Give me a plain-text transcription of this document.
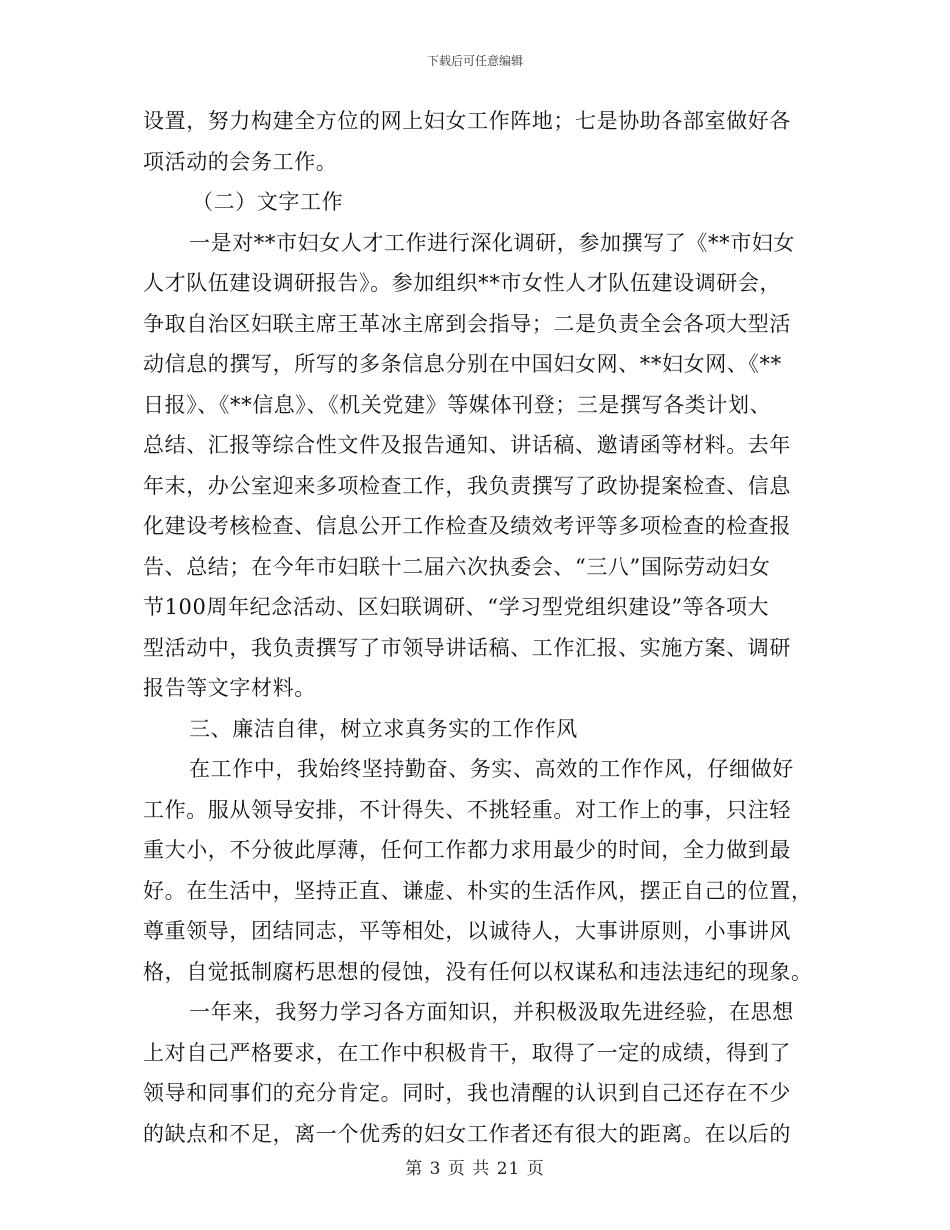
下载后可任意编辑
设置，努力构建全方位的网上妇女工作阵地；七是协助各部室做好各
项活动的会务工作。
（二）文字工作
一是对**市妇女人才工作进行深化调研，参加撰写了《**市妇女
人才队伍建设调研报告》。参加组织**市女性人才队伍建设调研会，
争取自治区妇联主席王革冰主席到会指导；二是负责全会各项大型活
动信息的撰写，所写的多条信息分别在中国妇女网、**妇女网、《**
日报》、《**信息》、《机关党建》等媒体刊登；三是撰写各类计划、
总结、汇报等综合性文件及报告通知、讲话稿、邀请函等材料。去年
年末，办公室迎来多项检查工作，我负责撰写了政协提案检查、信息
化建设考核检查、信息公开工作检查及绩效考评等多项检查的检查报
告、总结；在今年市妇联十二届六次执委会、“三八”国际劳动妇女
节100周年纪念活动、区妇联调研、“学习型党组织建设”等各项大
型活动中，我负责撰写了市领导讲话稿、工作汇报、实施方案、调研
报告等文字材料。
三、廉洁自律，树立求真务实的工作作风
在工作中，我始终坚持勤奋、务实、高效的工作作风，仔细做好
工作。服从领导安排，不计得失、不挑轻重。对工作上的事，只注轻
重大小，不分彼此厚薄，任何工作都力求用最少的时间，全力做到最
好。在生活中，坚持正直、谦虚、朴实的生活作风，摆正自己的位置，
尊重领导，团结同志，平等相处，以诚待人，大事讲原则，小事讲风
格，自觉抵制腐朽思想的侵蚀，没有任何以权谋私和违法违纪的现象。
一年来，我努力学习各方面知识，并积极汲取先进经验，在思想
上对自己严格要求，在工作中积极肯干，取得了一定的成绩，得到了
领导和同事们的充分肯定。同时，我也清醒的认识到自己还存在不少
的缺点和不足，离一个优秀的妇女工作者还有很大的距离。在以后的
第 3 页 共 21 页
